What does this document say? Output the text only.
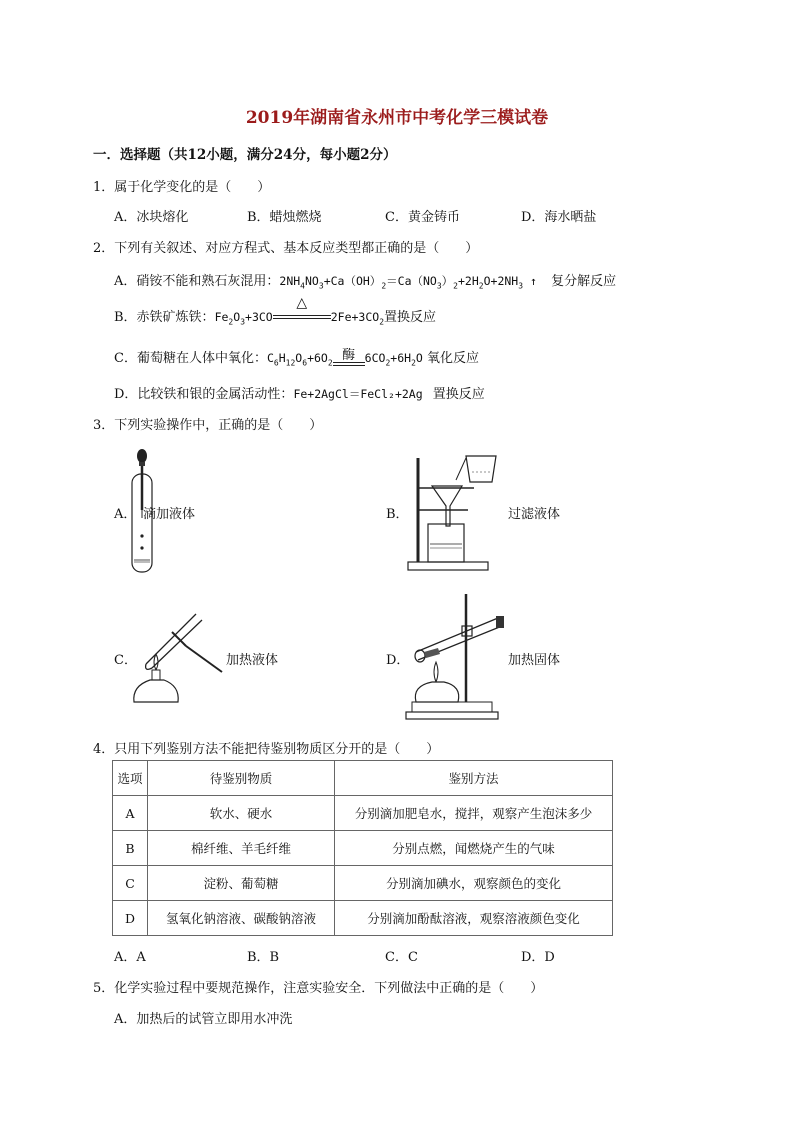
2019年湖南省永州市中考化学三模试卷
一．选择题（共12小题，满分24分，每小题2分）
1．属于化学变化的是（　　）
A．冰块熔化	B．蜡烛燃烧	C．黄金铸币	D．海水晒盐
2．下列有关叙述、对应方程式、基本反应类型都正确的是（　　）
A．硝铵不能和熟石灰混用：$2NH_4NO_3+Ca(OH)_2=Ca(NO_3)_2+2H_2O+2NH_3$ ↑ 复分解反应
B．赤铁矿炼铁：$Fe_2O_3+3CO$
△
$2Fe+3CO_2$置换反应
C．葡萄糖在人体中氧化：$C_6H_{12}O_6+6O_2$
酶 $6CO_2+6H_2O$ 氧化反应
D．比较铁和银的金属活动性：Fe+2AgCl＝FeCl₂+2Ag 置换反应
3．下列实验操作中，正确的是（　　）
A． 滴加液体	B．	过滤液体
C．	加热液体	D．	加热固体
4．只用下列鉴别方法不能把待鉴别物质区分开的是（　　）
选项	待鉴别物质	鉴别方法
A	软水、硬水	分别滴加肥皂水，搅拌，观察产生泡沫多少
B	棉纤维、羊毛纤维	分别点燃，闻燃烧产生的气味
C	淀粉、葡萄糖	分别滴加碘水，观察颜色的变化
D	氢氧化钠溶液、碳酸钠溶液	分别滴加酚酞溶液，观察溶液颜色变化
A．A	B．B	C．C	D．D
5．化学实验过程中要规范操作，注意实验安全．下列做法中正确的是（　　）
A．加热后的试管立即用水冲洗
